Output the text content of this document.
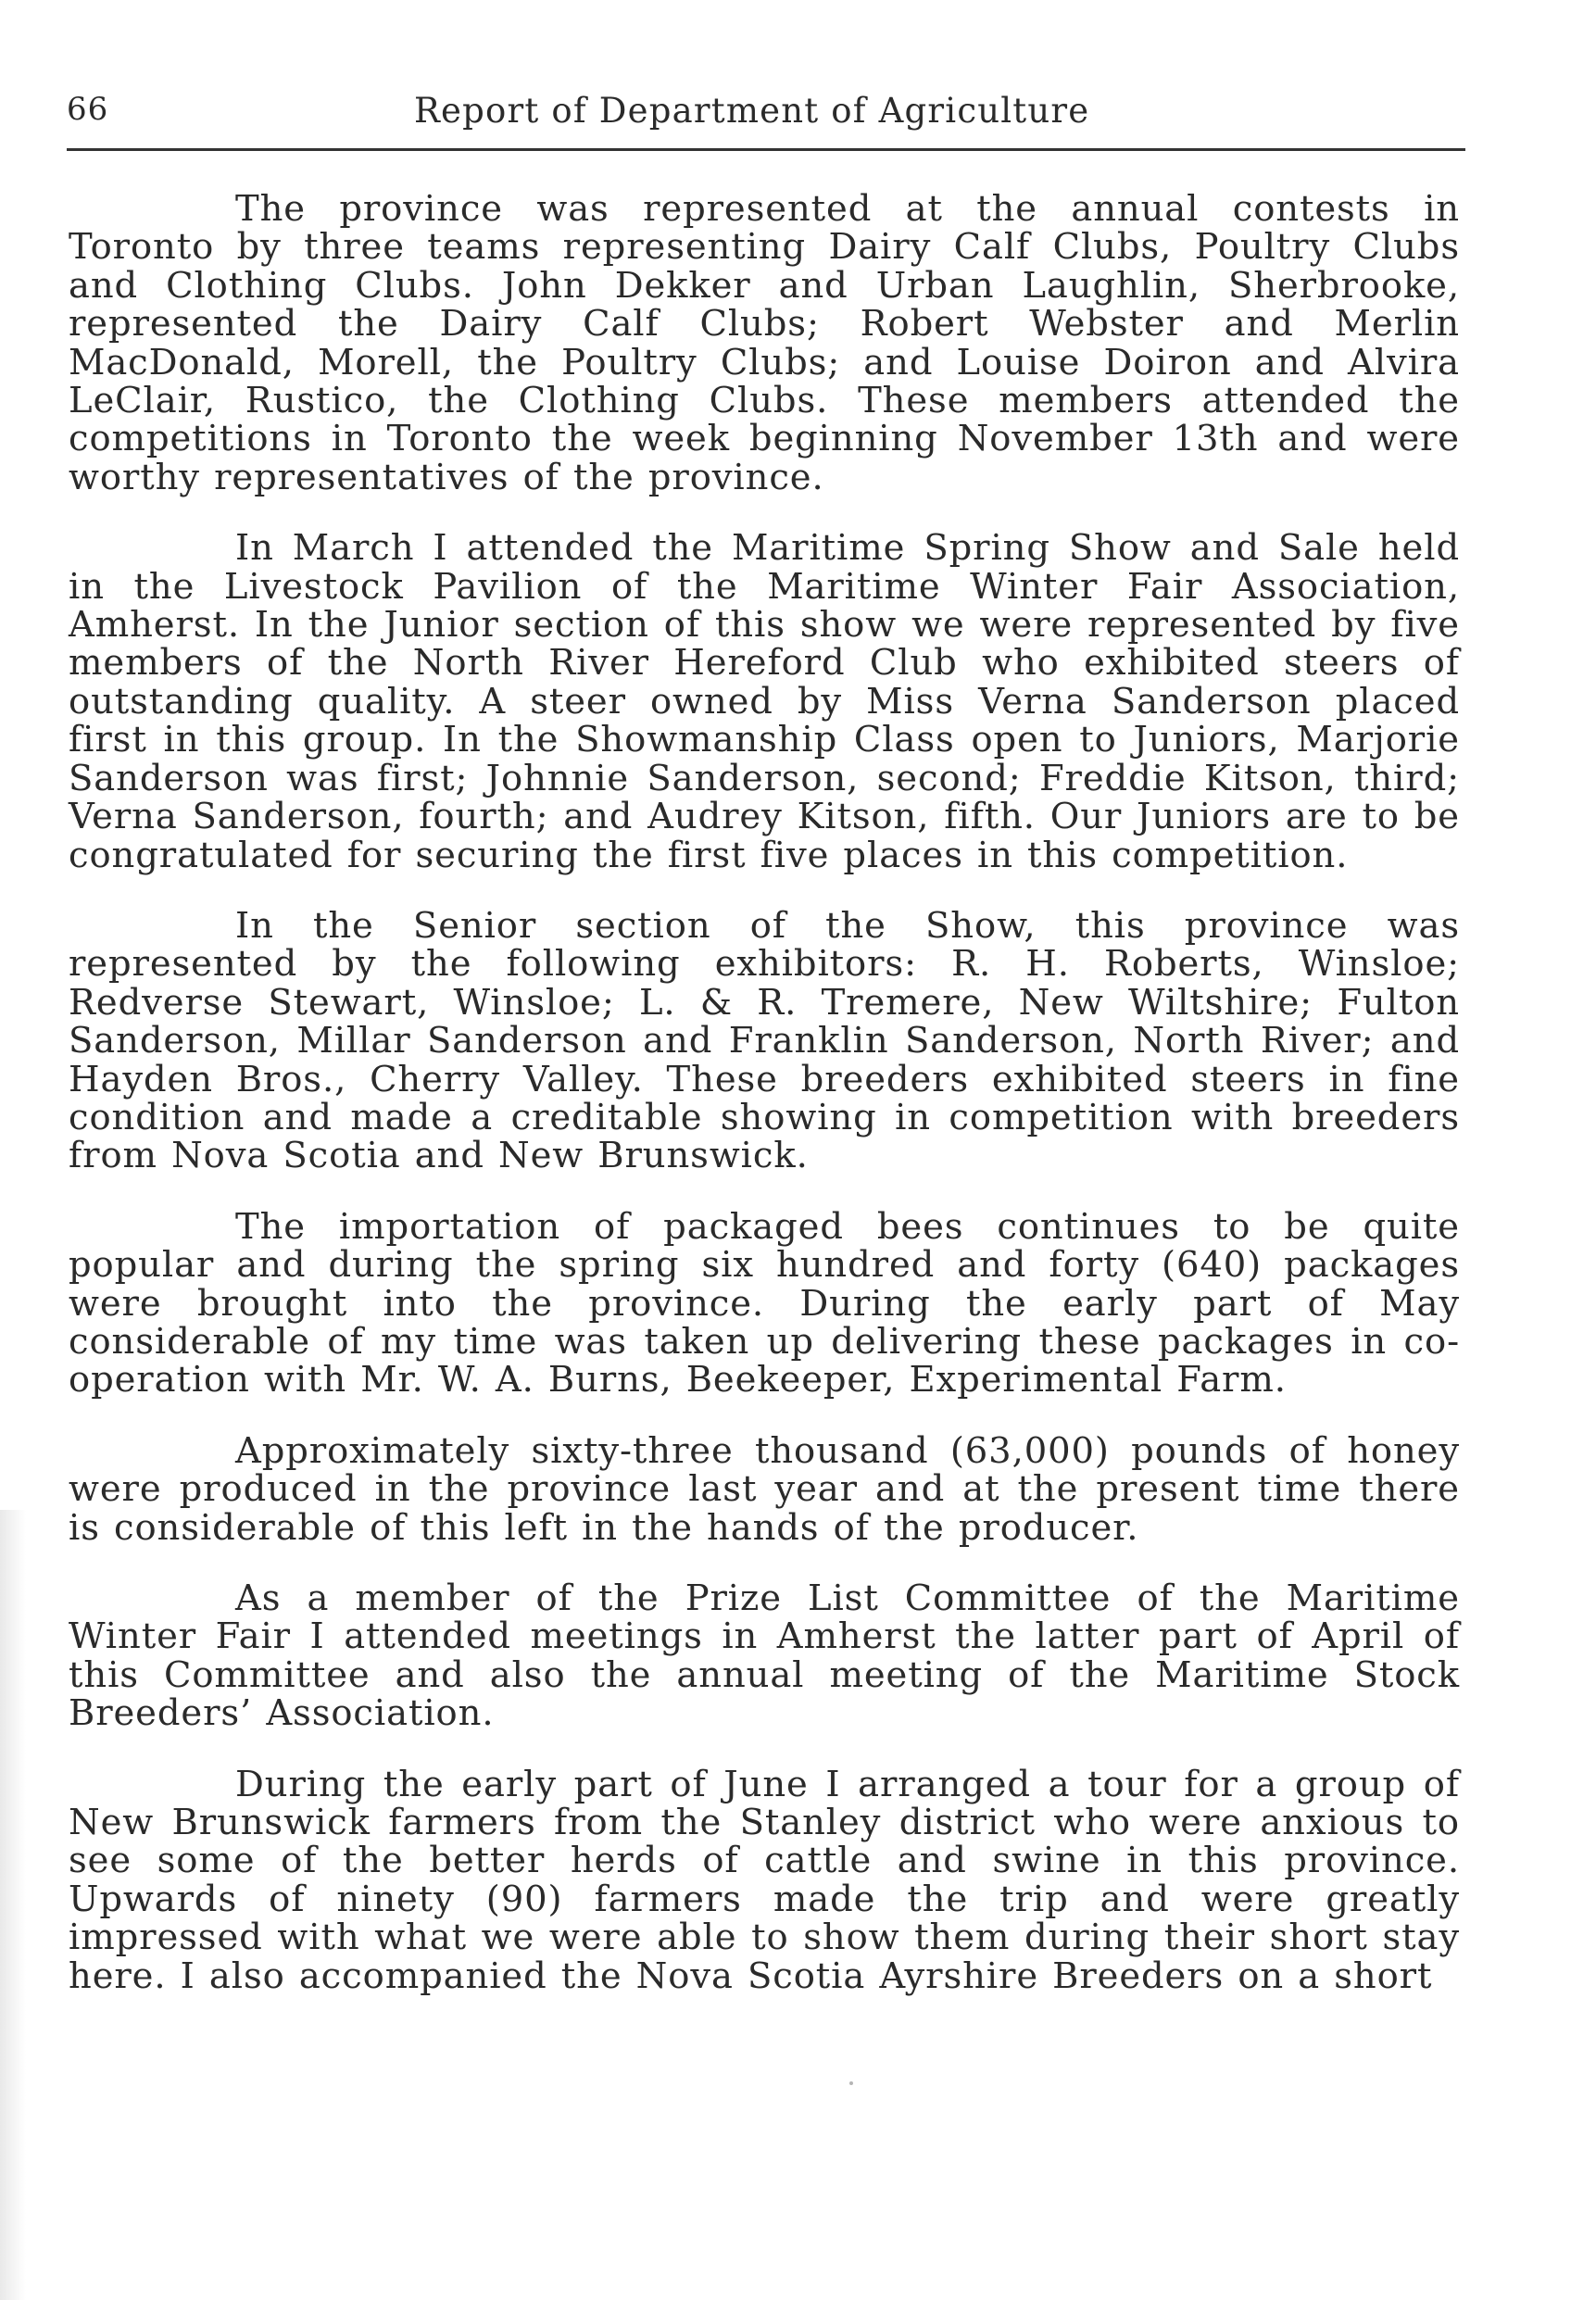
66	Report of Department of Agriculture

The province was represented at the annual contests in Toronto by three teams representing Dairy Calf Clubs, Poultry Clubs and Clothing Clubs. John Dekker and Urban Laughlin, Sherbrooke, represented the Dairy Calf Clubs; Robert Webster and Merlin MacDonald, Morell, the Poultry Clubs; and Louise Doiron and Alvira LeClair, Rustico, the Clothing Clubs. These members attended the competitions in Toronto the week beginning November 13th and were worthy representatives of the province.

In March I attended the Maritime Spring Show and Sale held in the Livestock Pavilion of the Maritime Winter Fair Association, Amherst. In the Junior section of this show we were represented by five members of the North River Hereford Club who exhibited steers of outstanding quality. A steer owned by Miss Verna Sanderson placed first in this group. In the Showmanship Class open to Juniors, Marjorie Sanderson was first; Johnnie Sanderson, second; Freddie Kitson, third; Verna Sanderson, fourth; and Audrey Kitson, fifth. Our Juniors are to be congratulated for securing the first five places in this competition.

In the Senior section of the Show, this province was represented by the following exhibitors: R. H. Roberts, Winsloe; Redverse Stewart, Winsloe; L. & R. Tremere, New Wiltshire; Fulton Sanderson, Millar Sanderson and Franklin Sanderson, North River; and Hayden Bros., Cherry Valley. These breeders exhibited steers in fine condition and made a creditable showing in competition with breeders from Nova Scotia and New Brunswick.

The importation of packaged bees continues to be quite popular and during the spring six hundred and forty (640) packages were brought into the province. During the early part of May considerable of my time was taken up delivering these packages in co-operation with Mr. W. A. Burns, Beekeeper, Experimental Farm.

Approximately sixty-three thousand (63,000) pounds of honey were produced in the province last year and at the present time there is considerable of this left in the hands of the producer.

As a member of the Prize List Committee of the Maritime Winter Fair I attended meetings in Amherst the latter part of April of this Committee and also the annual meeting of the Maritime Stock Breeders’ Association.

During the early part of June I arranged a tour for a group of New Brunswick farmers from the Stanley district who were anxious to see some of the better herds of cattle and swine in this province. Upwards of ninety (90) farmers made the trip and were greatly impressed with what we were able to show them during their short stay here. I also accompanied the Nova Scotia Ayrshire Breeders on a short
